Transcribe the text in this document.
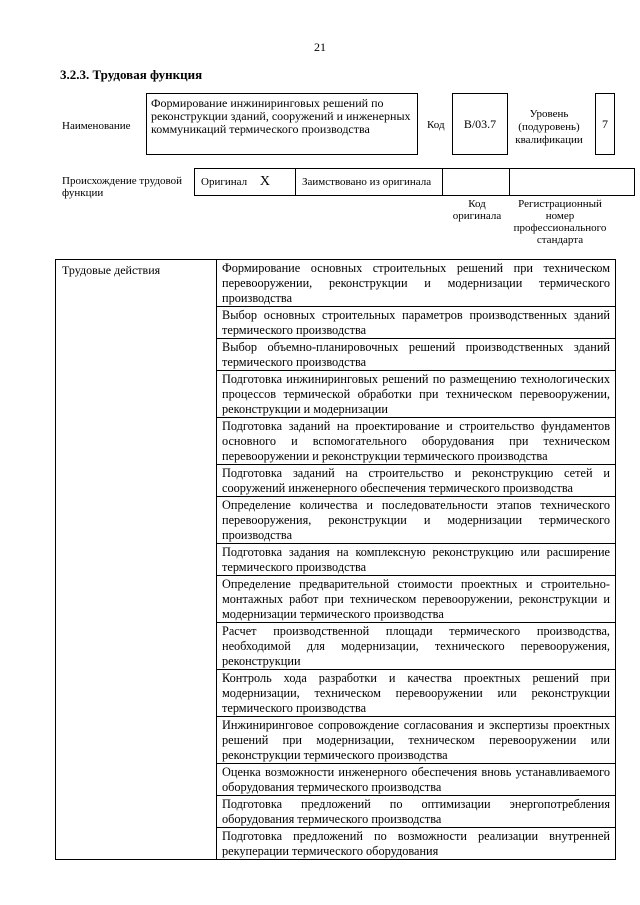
21
3.2.3. Трудовая функция
Наименование
Формирование инжиниринговых решений по реконструкции зданий, сооружений и инженерных коммуникаций термического производства	Код	В/03.7
Уровень (подуровень) квалификации
7
Происхождение трудовой функции
Оригинал X	Заимствовано из оригинала		
Код оригинала
Регистрационный номер профессионального стандарта
Трудовые действия	Формирование основных строительных решений при техническом перевооружении, реконструкции и модернизации термического производства
Выбор основных строительных параметров производственных зданий термического производства
Выбор объемно-планировочных решений производственных зданий термического производства
Подготовка инжиниринговых решений по размещению технологических процессов термической обработки при техническом перевооружении, реконструкции и модернизации
Подготовка заданий на проектирование и строительство фундаментов основного и вспомогательного оборудования при техническом перевооружении и реконструкции термического производства
Подготовка заданий на строительство и реконструкцию сетей и сооружений инженерного обеспечения термического производства
Определение количества и последовательности этапов технического перевооружения, реконструкции и модернизации термического производства
Подготовка задания на комплексную реконструкцию или расширение термического производства
Определение предварительной стоимости проектных и строительно-монтажных работ при техническом перевооружении, реконструкции и модернизации термического производства
Расчет производственной площади термического производства, необходимой для модернизации, технического перевооружения, реконструкции
Контроль хода разработки и качества проектных решений при модернизации, техническом перевооружении или реконструкции термического производства
Инжиниринговое сопровождение согласования и экспертизы проектных решений при модернизации, техническом перевооружении или реконструкции термического производства
Оценка возможности инженерного обеспечения вновь устанавливаемого оборудования термического производства
Подготовка предложений по оптимизации энергопотребления оборудования термического производства
Подготовка предложений по возможности реализации внутренней рекуперации термического оборудования
